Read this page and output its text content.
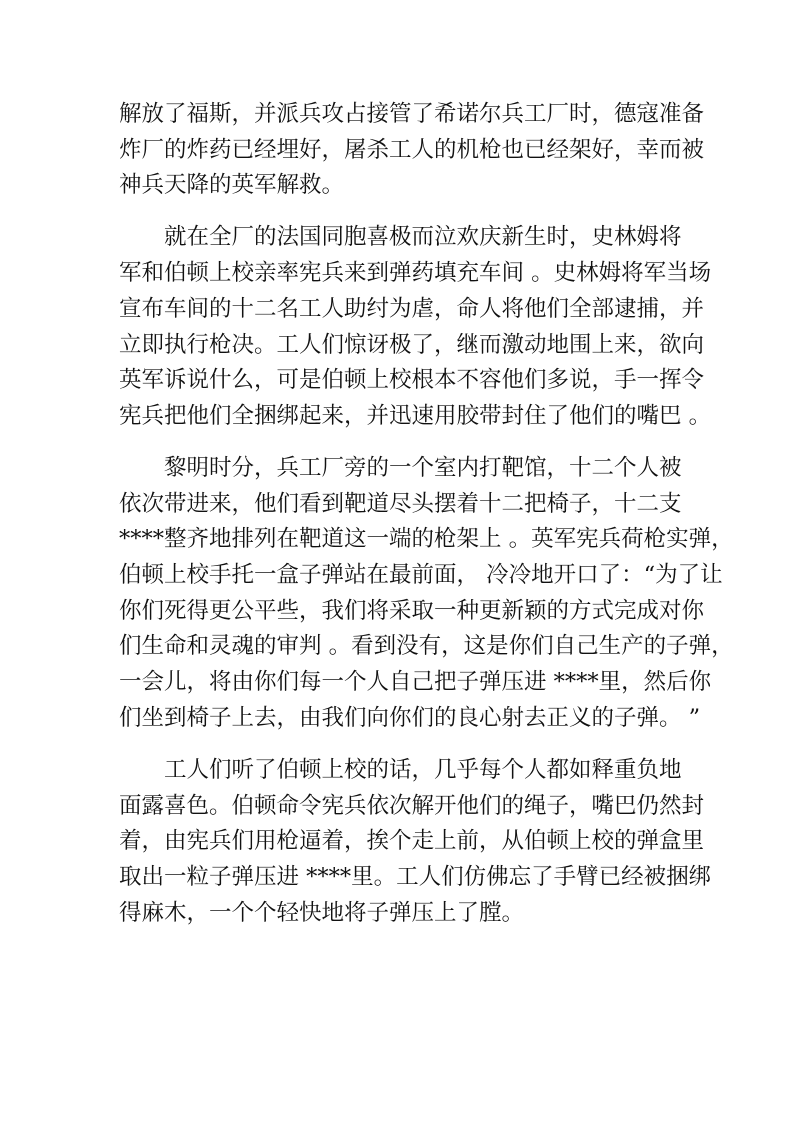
解放了福斯，并派兵攻占接管了希诺尔兵工厂时，德寇准备
炸厂的炸药已经埋好，屠杀工人的机枪也已经架好，幸而被
神兵天降的英军解救。
就在全厂的法国同胞喜极而泣欢庆新生时，史林姆将
军和伯顿上校亲率宪兵来到弹药填充车间 。史林姆将军当场
宣布车间的十二名工人助纣为虐，命人将他们全部逮捕，并
立即执行枪决。工人们惊讶极了，继而激动地围上来，欲向
英军诉说什么，可是伯顿上校根本不容他们多说，手一挥令
宪兵把他们全捆绑起来，并迅速用胶带封住了他们的嘴巴 。
黎明时分，兵工厂旁的一个室内打靶馆，十二个人被
依次带进来，他们看到靶道尽头摆着十二把椅子，十二支
****整齐地排列在靶道这一端的枪架上 。英军宪兵荷枪实弹，
伯顿上校手托一盒子弹站在最前面， 冷冷地开口了：“为了让
你们死得更公平些，我们将采取一种更新颖的方式完成对你
们生命和灵魂的审判 。看到没有，这是你们自己生产的子弹，
一会儿，将由你们每一个人自己把子弹压进 ****里，然后你
们坐到椅子上去，由我们向你们的良心射去正义的子弹。 ”
工人们听了伯顿上校的话，几乎每个人都如释重负地
面露喜色。伯顿命令宪兵依次解开他们的绳子，嘴巴仍然封
着，由宪兵们用枪逼着，挨个走上前，从伯顿上校的弹盒里
取出一粒子弹压进 ****里。工人们仿佛忘了手臂已经被捆绑
得麻木，一个个轻快地将子弹压上了膛。
